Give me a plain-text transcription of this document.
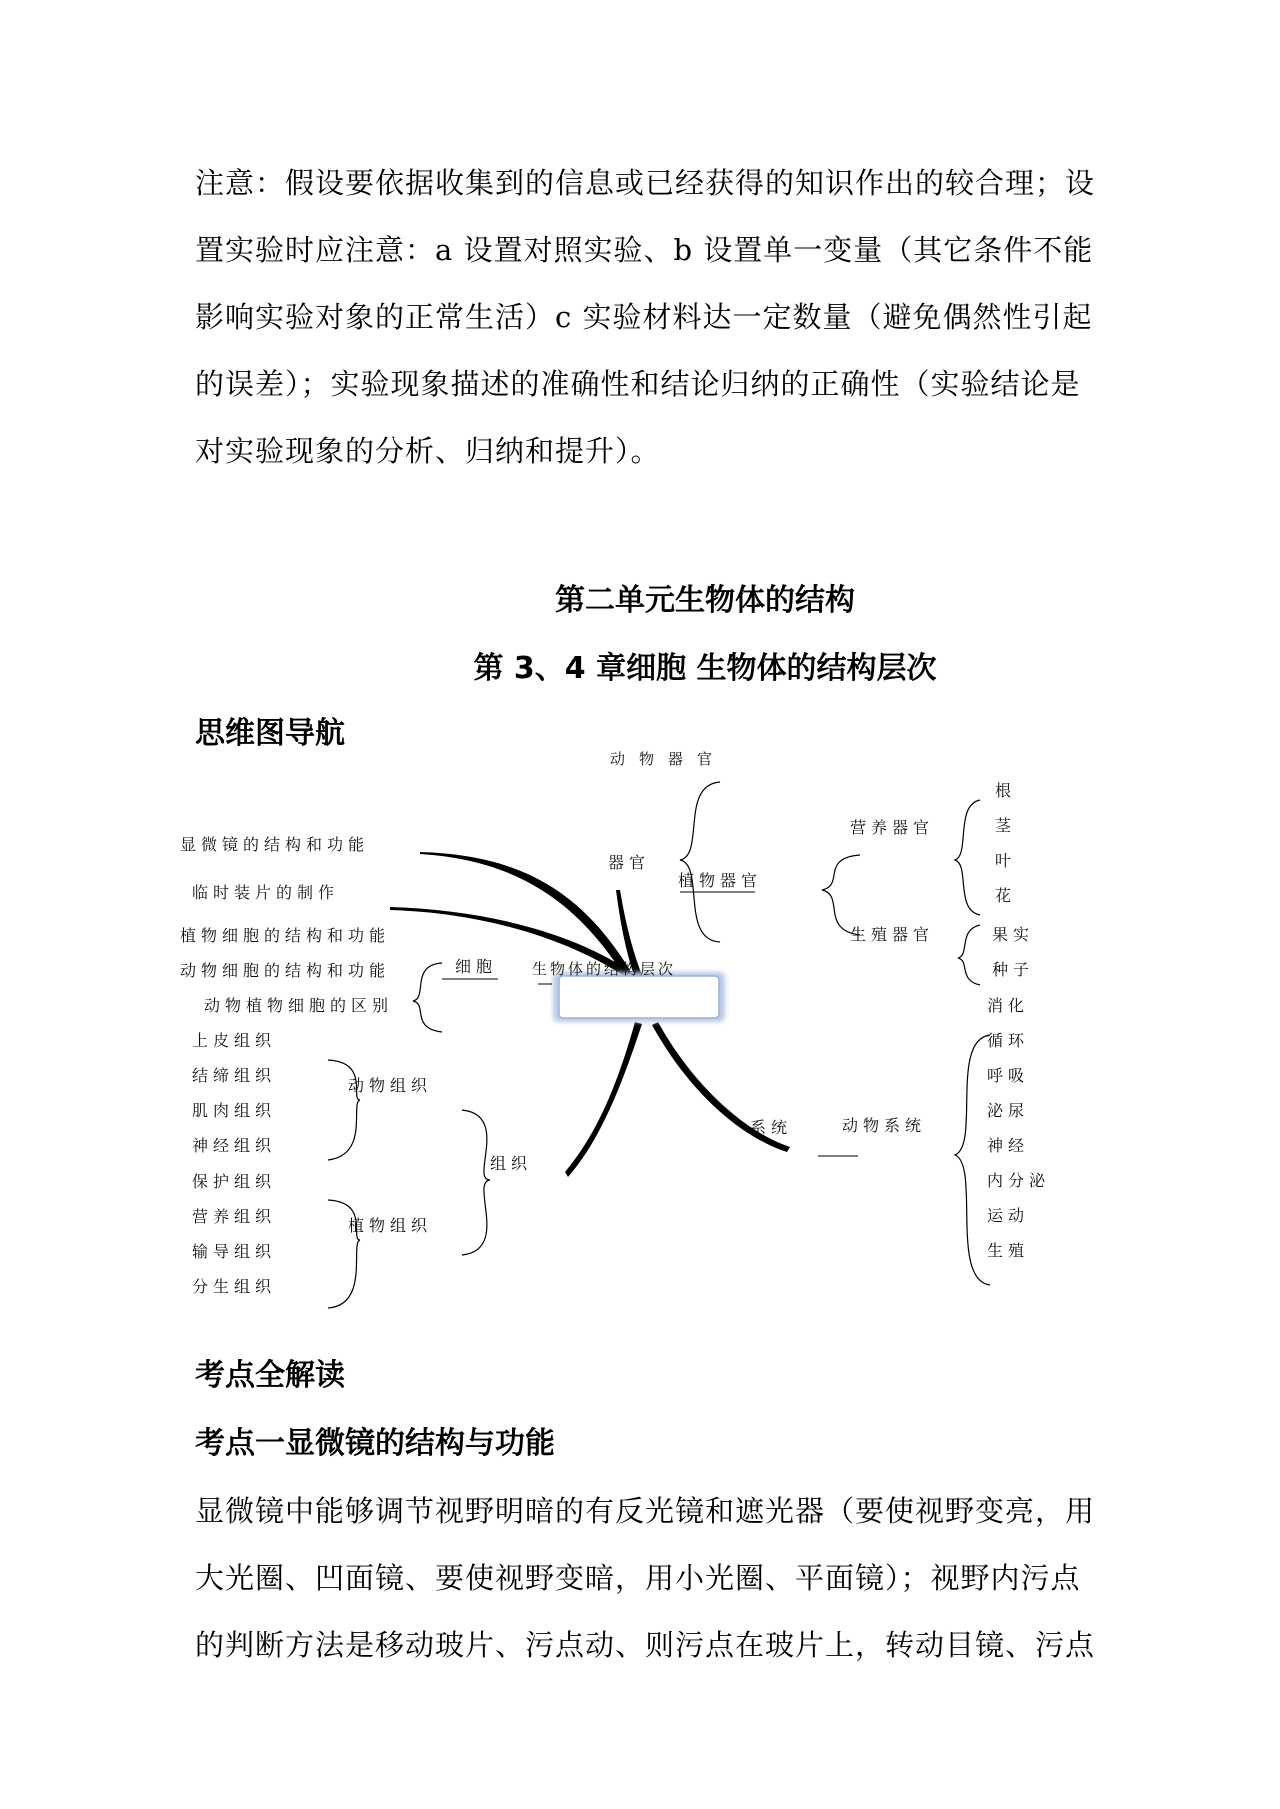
注意：假设要依据收集到的信息或已经获得的知识作出的较合理；设
置实验时应注意：a 设置对照实验、b 设置单一变量（其它条件不能
影响实验对象的正常生活）c 实验材料达一定数量（避免偶然性引起
的误差）；实验现象描述的准确性和结论归纳的正确性（实验结论是
对实验现象的分析、归纳和提升）。
第二单元生物体的结构
第 3、4 章细胞 生物体的结构层次
思维图导航
生物体的结构层次
动物器官
显微镜的结构和功能
临时装片的制作
植物细胞的结构和功能
动物细胞的结构和功能
动物植物细胞的区别
细胞
上皮组织
结缔组织
肌肉组织
神经组织
动物组织
保护组织
营养组织
输导组织
分生组织
植物组织
组织
器官
植物器官
营养器官
生殖器官
根
茎
叶
花
果实
种子
系统	动物系统
消化
循环
呼吸
泌尿
神经
内分泌
运动
生殖
考点全解读
考点一显微镜的结构与功能
显微镜中能够调节视野明暗的有反光镜和遮光器（要使视野变亮，用
大光圈、凹面镜、要使视野变暗，用小光圈、平面镜）；视野内污点
的判断方法是移动玻片、污点动、则污点在玻片上，转动目镜、污点
